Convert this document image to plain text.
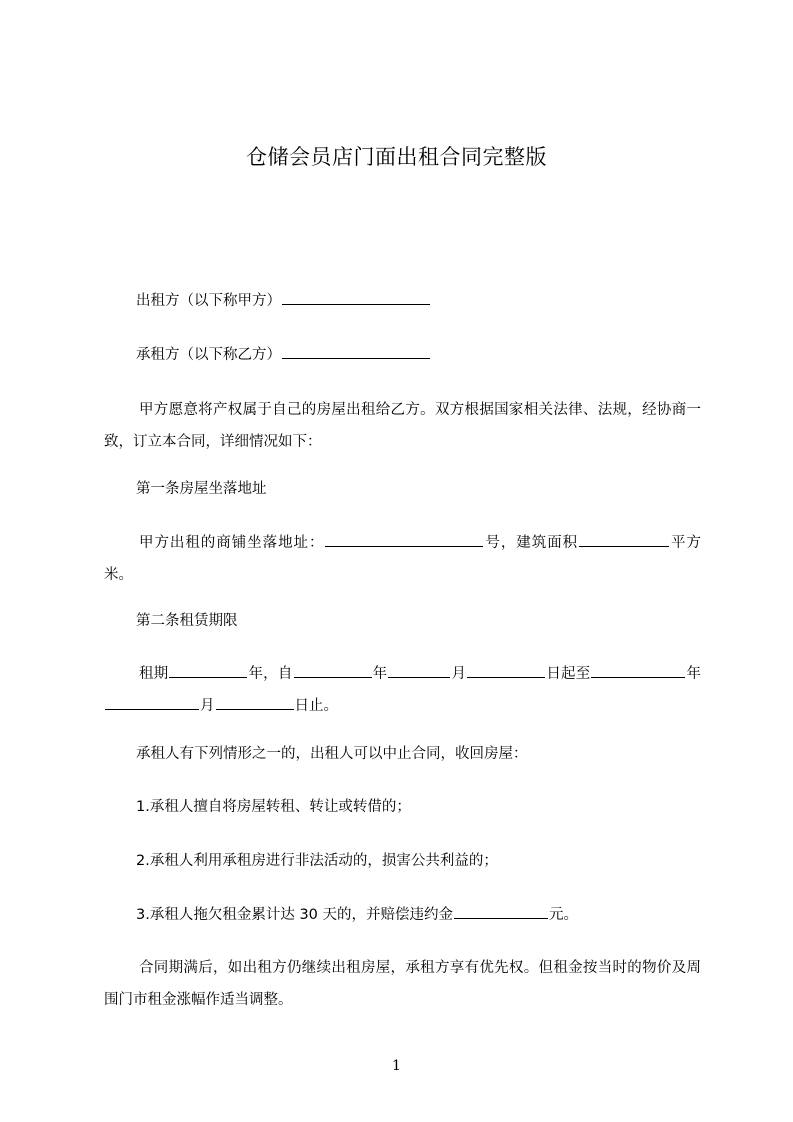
仓储会员店门面出租合同完整版
出租方（以下称甲方）
承租方（以下称乙方）
甲方愿意将产权属于自己的房屋出租给乙方。双方根据国家相关法律、法规，经协商一致，订立本合同，详细情况如下：
第一条房屋坐落地址
甲方出租的商铺坐落地址：	号，建筑面积	平方米。
第二条租赁期限
租期	年，自	年	月	日起至	年月	日止。
承租人有下列情形之一的，出租人可以中止合同，收回房屋：
1.承租人擅自将房屋转租、转让或转借的；
2.承租人利用承租房进行非法活动的，损害公共利益的；
3.承租人拖欠租金累计达 30 天的，并赔偿违约金	元。
合同期满后，如出租方仍继续出租房屋，承租方享有优先权。但租金按当时的物价及周围门市租金涨幅作适当调整。
1
